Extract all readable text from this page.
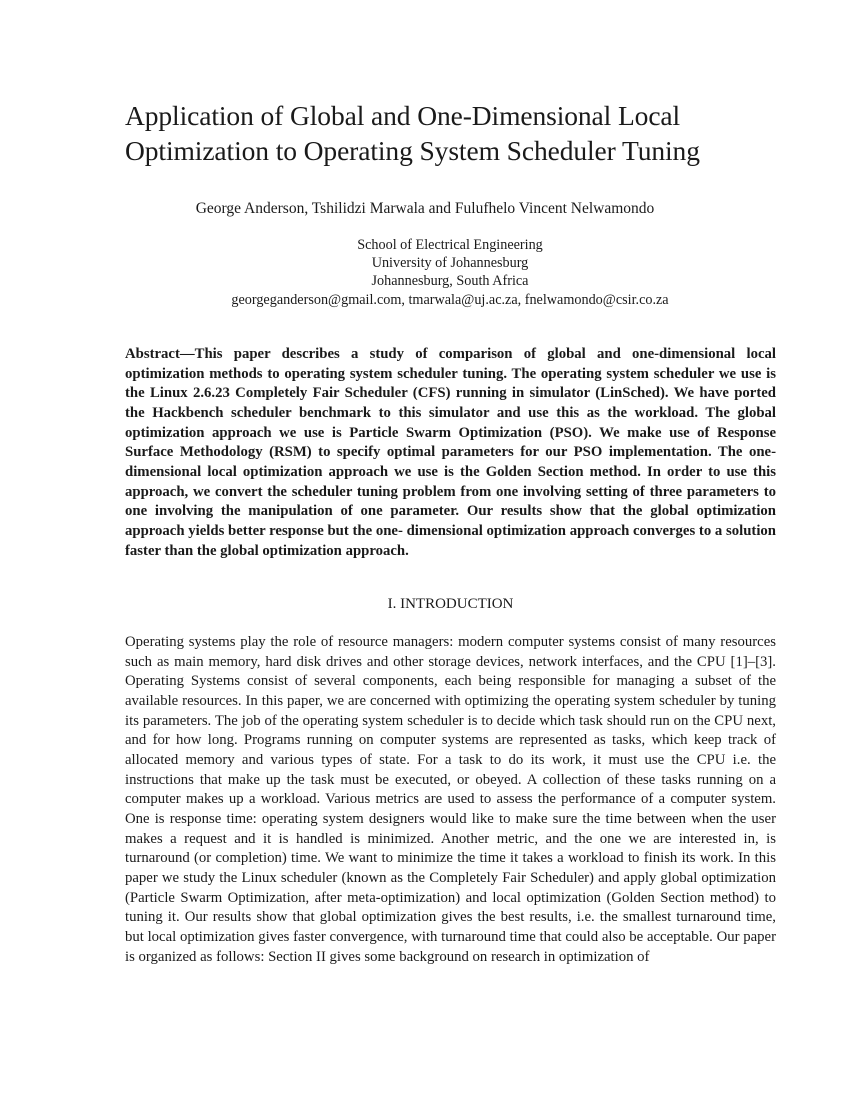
Application of Global and One-Dimensional Local
Optimization to Operating System Scheduler Tuning
George Anderson, Tshilidzi Marwala and Fulufhelo Vincent Nelwamondo
School of Electrical Engineering
University of Johannesburg
Johannesburg, South Africa
georgeganderson@gmail.com, tmarwala@uj.ac.za, fnelwamondo@csir.co.za

Abstract—This paper describes a study of comparison of global and one-dimensional local optimization methods to operating system scheduler tuning. The operating system scheduler we use is the Linux 2.6.23 Completely Fair Scheduler (CFS) running in simulator (LinSched). We have ported the Hackbench scheduler benchmark to this simulator and use this as the workload. The global optimization approach we use is Particle Swarm Optimization (PSO). We make use of Response Surface Methodology (RSM) to specify optimal parameters for our PSO implementation. The one-dimensional local optimization approach we use is the Golden Section method. In order to use this approach, we convert the scheduler tuning problem from one involving setting of three parameters to one involving the manipulation of one parameter. Our results show that the global optimization approach yields better response but the one- dimensional optimization approach converges to a solution faster than the global optimization approach.

I. INTRODUCTION

Operating systems play the role of resource managers: modern computer systems consist of many resources such as main memory, hard disk drives and other storage devices, network interfaces, and the CPU [1]–[3]. Operating Systems consist of several components, each being responsible for managing a subset of the available resources. In this paper, we are concerned with optimizing the operating system scheduler by tuning its parameters. The job of the operating system scheduler is to decide which task should run on the CPU next, and for how long. Programs running on computer systems are represented as tasks, which keep track of allocated memory and various types of state. For a task to do its work, it must use the CPU i.e. the instructions that make up the task must be executed, or obeyed. A collection of these tasks running on a computer makes up a workload. Various metrics are used to assess the performance of a computer system. One is response time: operating system designers would like to make sure the time between when the user makes a request and it is handled is minimized. Another metric, and the one we are interested in, is turnaround (or completion) time. We want to minimize the time it takes a workload to finish its work. In this paper we study the Linux scheduler (known as the Completely Fair Scheduler) and apply global optimization (Particle Swarm Optimization, after meta-optimization) and local optimization (Golden Section method) to tuning it. Our results show that global optimization gives the best results, i.e. the smallest turnaround time, but local optimization gives faster convergence, with turnaround time that could also be acceptable. Our paper is organized as follows: Section II gives some background on research in optimization of
